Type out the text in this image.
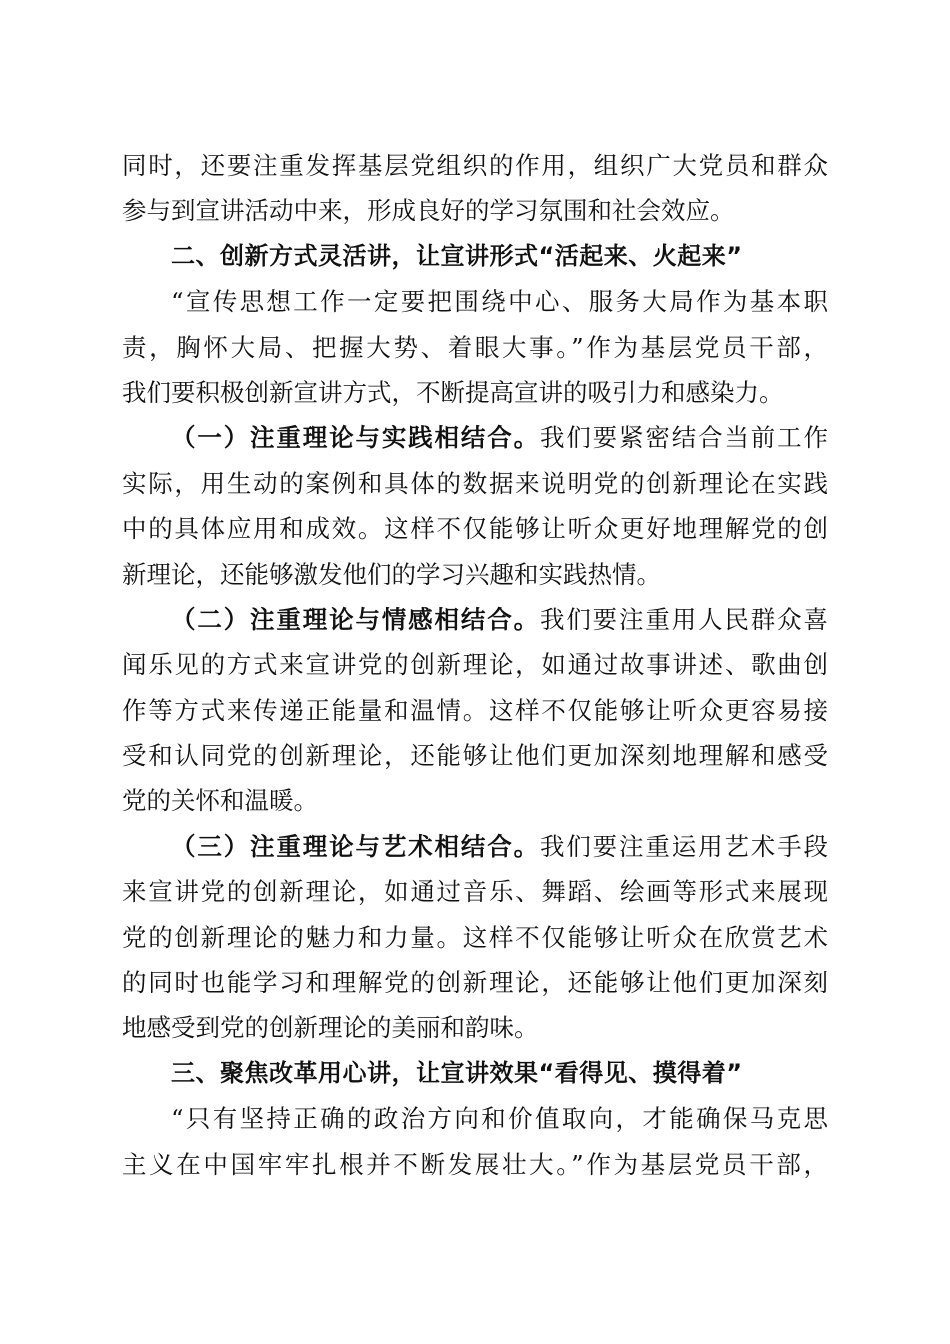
同时，还要注重发挥基层党组织的作用，组织广大党员和群众
参与到宣讲活动中来，形成良好的学习氛围和社会效应。
二、创新方式灵活讲，让宣讲形式“活起来、火起来”
“宣传思想工作一定要把围绕中心、服务大局作为基本职
责，胸怀大局、把握大势、着眼大事。”作为基层党员干部，
我们要积极创新宣讲方式，不断提高宣讲的吸引力和感染力。
（一）注重理论与实践相结合。我们要紧密结合当前工作
实际，用生动的案例和具体的数据来说明党的创新理论在实践
中的具体应用和成效。这样不仅能够让听众更好地理解党的创
新理论，还能够激发他们的学习兴趣和实践热情。
（二）注重理论与情感相结合。我们要注重用人民群众喜
闻乐见的方式来宣讲党的创新理论，如通过故事讲述、歌曲创
作等方式来传递正能量和温情。这样不仅能够让听众更容易接
受和认同党的创新理论，还能够让他们更加深刻地理解和感受
党的关怀和温暖。
（三）注重理论与艺术相结合。我们要注重运用艺术手段
来宣讲党的创新理论，如通过音乐、舞蹈、绘画等形式来展现
党的创新理论的魅力和力量。这样不仅能够让听众在欣赏艺术
的同时也能学习和理解党的创新理论，还能够让他们更加深刻
地感受到党的创新理论的美丽和韵味。
三、聚焦改革用心讲，让宣讲效果“看得见、摸得着”
“只有坚持正确的政治方向和价值取向，才能确保马克思
主义在中国牢牢扎根并不断发展壮大。”作为基层党员干部，
